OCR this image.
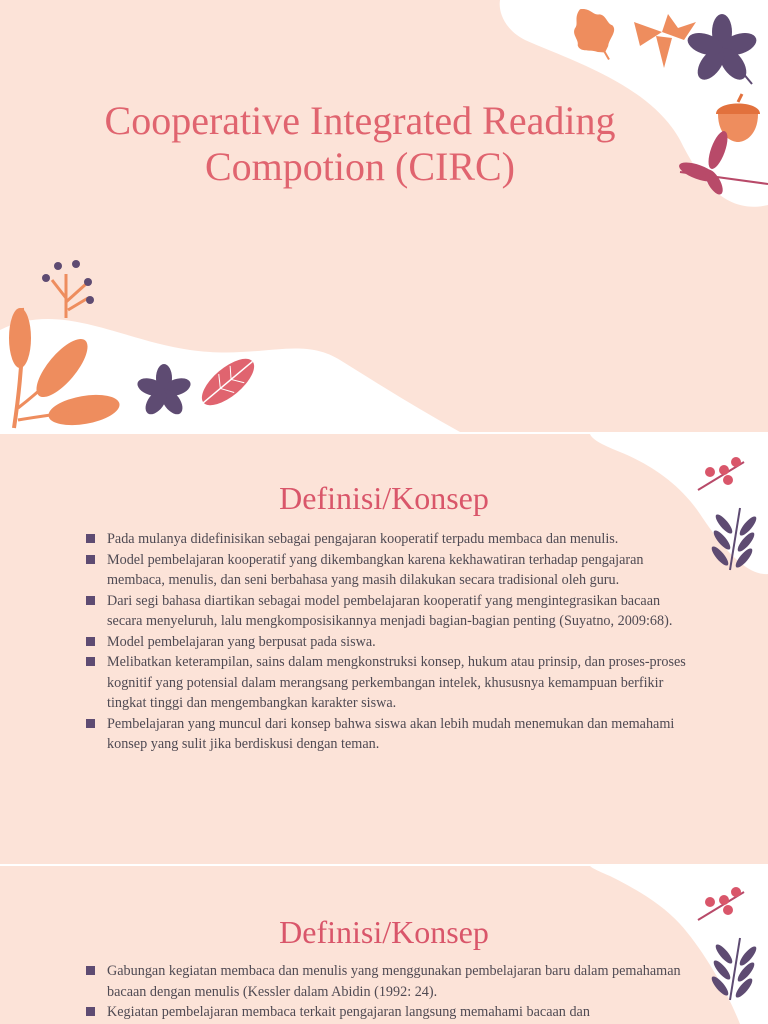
Cooperative Integrated Reading Compotion (CIRC)
Definisi/Konsep
Pada mulanya didefinisikan sebagai pengajaran kooperatif terpadu membaca dan menulis.
Model pembelajaran kooperatif yang dikembangkan karena kekhawatiran terhadap pengajaran membaca, menulis, dan seni berbahasa yang masih dilakukan secara tradisional oleh guru.
Dari segi bahasa diartikan sebagai model pembelajaran kooperatif yang mengintegrasikan bacaan secara menyeluruh, lalu mengkomposisikannya menjadi bagian-bagian penting (Suyatno, 2009:68).
Model pembelajaran yang berpusat pada siswa.
Melibatkan keterampilan, sains dalam mengkonstruksi konsep, hukum atau prinsip, dan proses-proses kognitif yang potensial dalam merangsang perkembangan intelek, khususnya kemampuan berfikir tingkat tinggi dan mengembangkan karakter siswa.
Pembelajaran yang muncul dari konsep bahwa siswa akan lebih mudah menemukan dan memahami konsep yang sulit jika berdiskusi dengan teman.
Definisi/Konsep
Gabungan kegiatan membaca dan menulis yang menggunakan pembelajaran baru dalam pemahaman bacaan dengan menulis (Kessler dalam Abidin (1992: 24).
Kegiatan pembelajaran membaca terkait pengajaran langsung memahami bacaan dan
